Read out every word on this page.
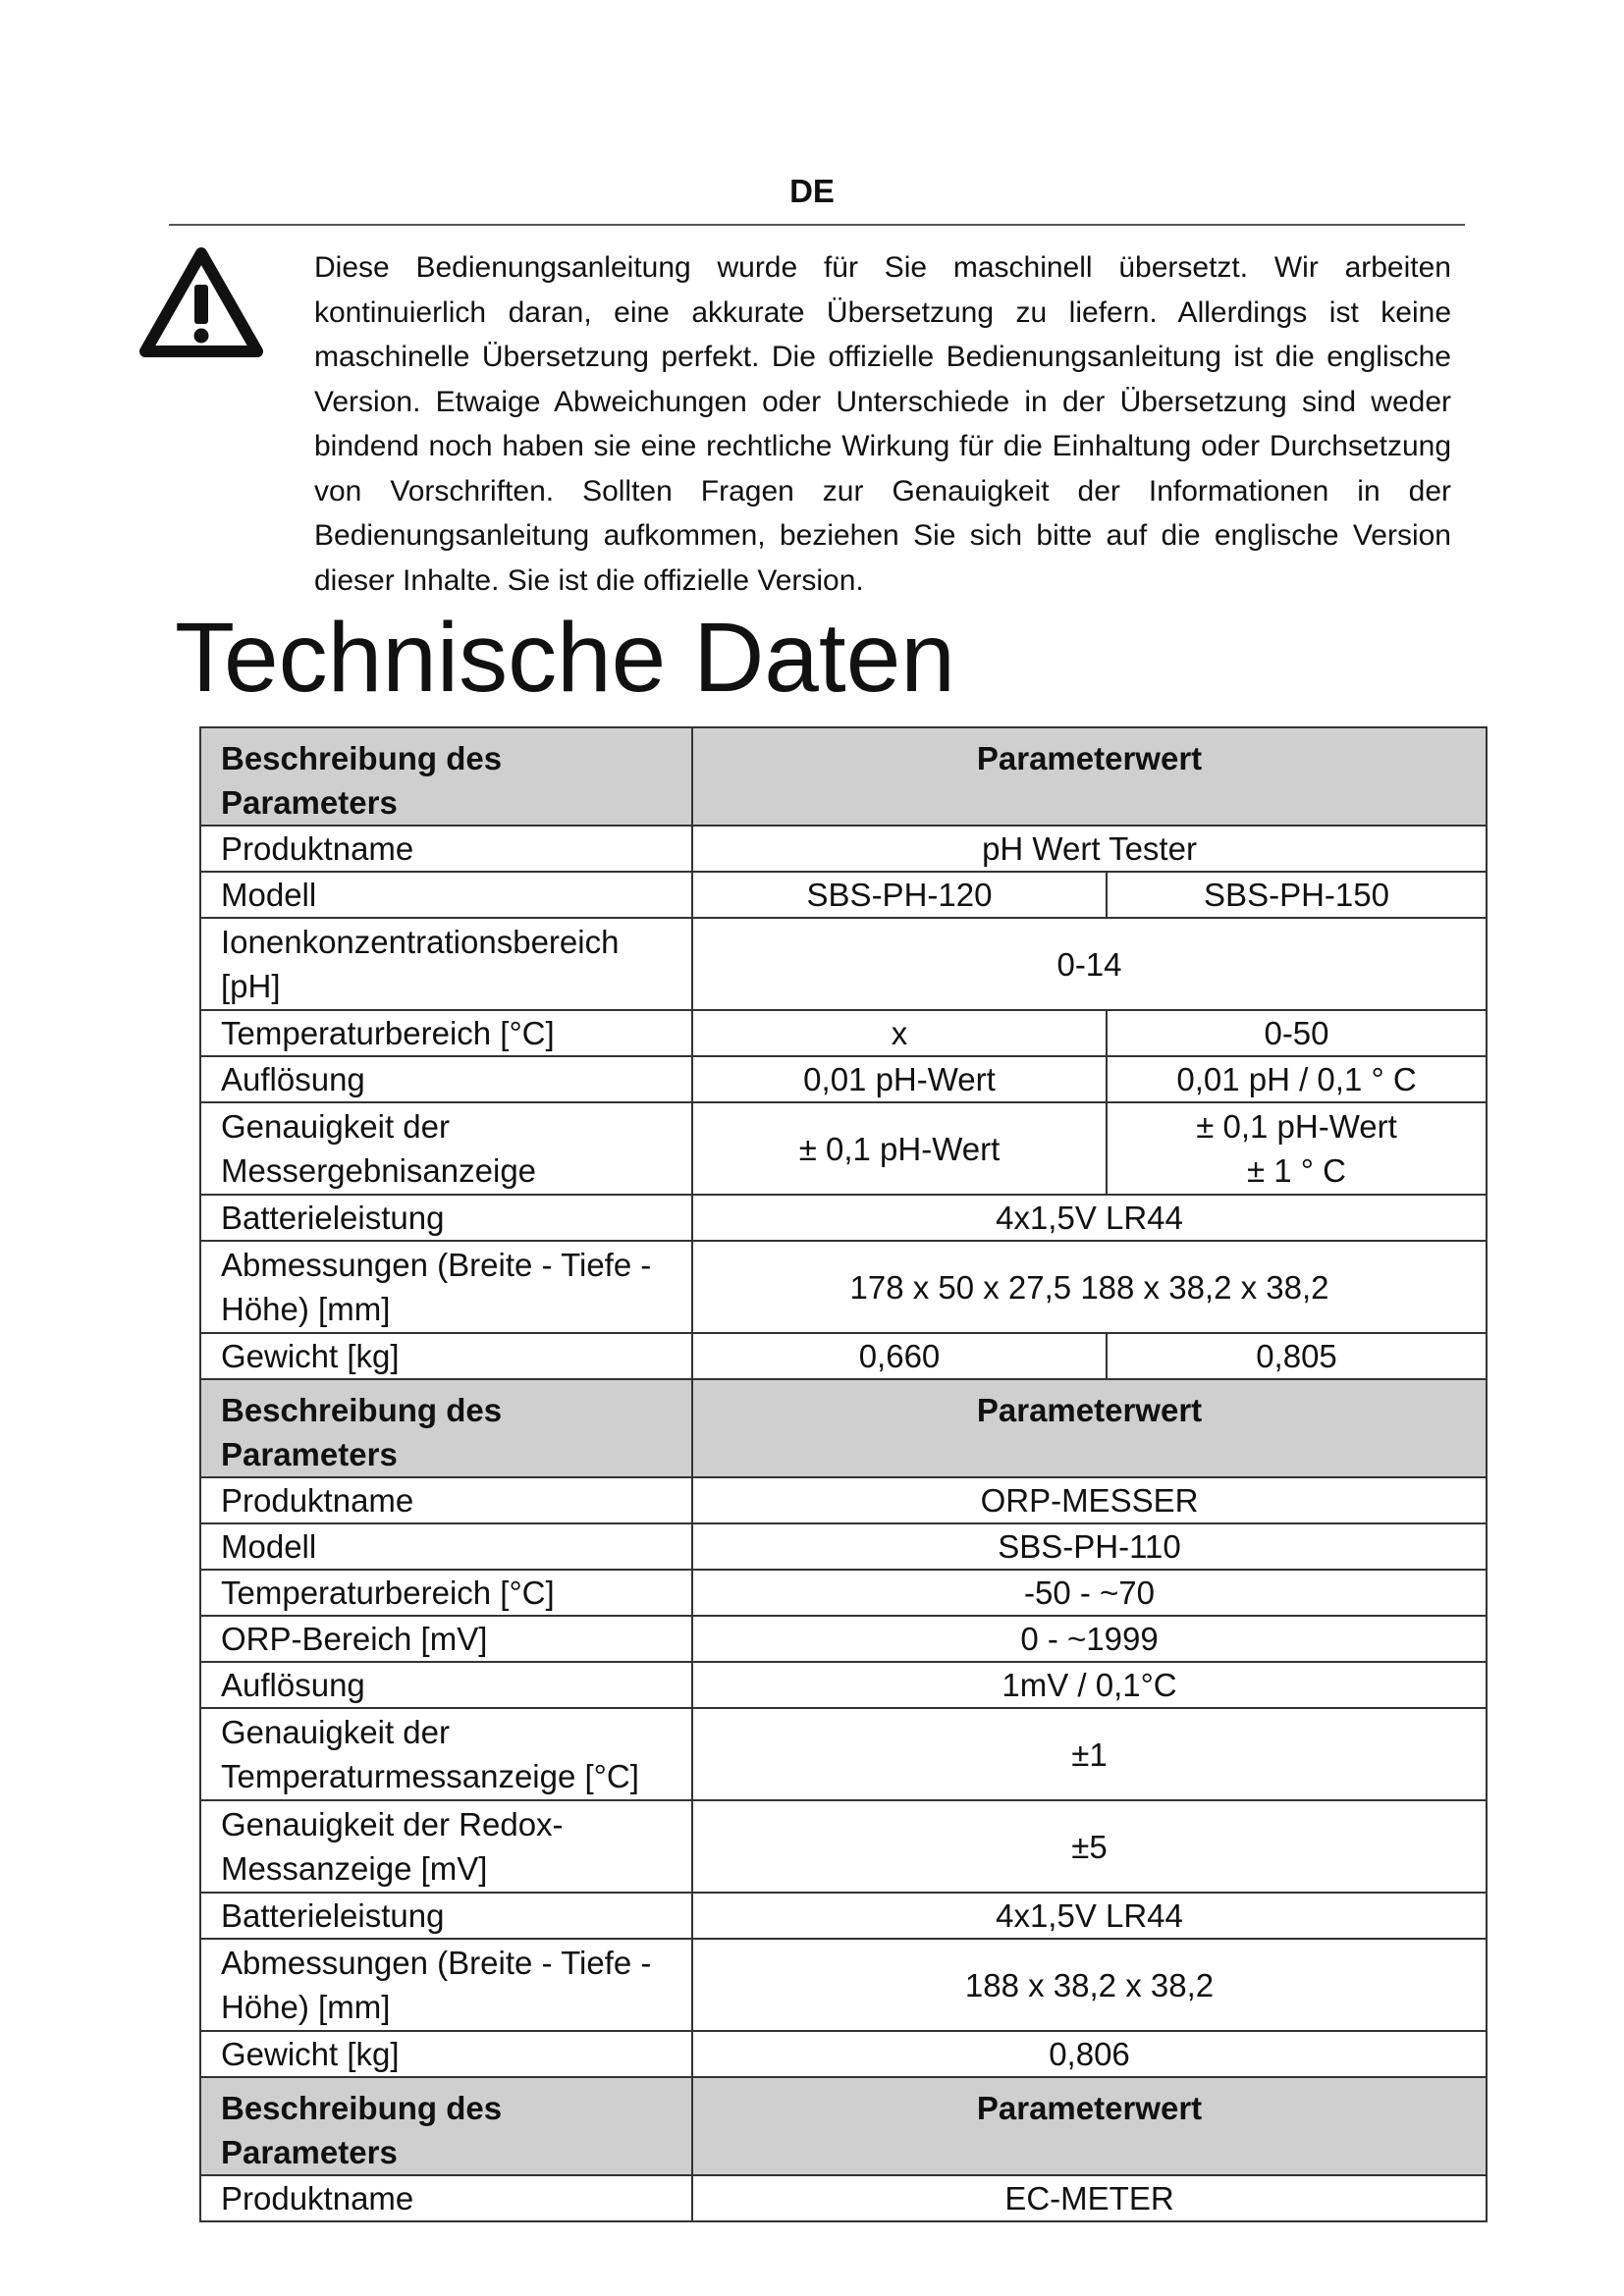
DE
Diese Bedienungsanleitung wurde für Sie maschinell übersetzt. Wir arbeiten kontinuierlich daran, eine akkurate Übersetzung zu liefern. Allerdings ist keine maschinelle Übersetzung perfekt. Die offizielle Bedienungsanleitung ist die englische Version. Etwaige Abweichungen oder Unterschiede in der Übersetzung sind weder bindend noch haben sie eine rechtliche Wirkung für die Einhaltung oder Durchsetzung von Vorschriften. Sollten Fragen zur Genauigkeit der Informationen in der Bedienungsanleitung aufkommen, beziehen Sie sich bitte auf die englische Version dieser Inhalte. Sie ist die offizielle Version.
Technische Daten
Beschreibung des Parameters	Parameterwert	
Produktname	pH Wert Tester	
Modell	SBS-PH-120	SBS-PH-150
Ionenkonzentrationsbereich [pH]	0-14	
Temperaturbereich [°C]	x	0-50
Auflösung	0,01 pH-Wert	0,01 pH / 0,1 ° C
Genauigkeit der Messergebnisanzeige	± 0,1 pH-Wert	± 0,1 pH-Wert
± 1 ° C

Batterieleistung	4x1,5V LR44	
Abmessungen (Breite - Tiefe - Höhe) [mm]	178 x 50 x 27,5 188 x 38,2 x 38,2	
Gewicht [kg]	0,660	0,805
Beschreibung des Parameters	Parameterwert	
Produktname	ORP-MESSER	
Modell	SBS-PH-110	
Temperaturbereich [°C]	-50 - ~70	
ORP-Bereich [mV]	0 - ~1999	
Auflösung	1mV / 0,1°C	
Genauigkeit der Temperaturmessanzeige [°C]	±1	
Genauigkeit der Redox-Messanzeige [mV]	±5	
Batterieleistung	4x1,5V LR44	
Abmessungen (Breite - Tiefe - Höhe) [mm]	188 x 38,2 x 38,2	
Gewicht [kg]	0,806	
Beschreibung des Parameters	Parameterwert	
Produktname	EC-METER	
